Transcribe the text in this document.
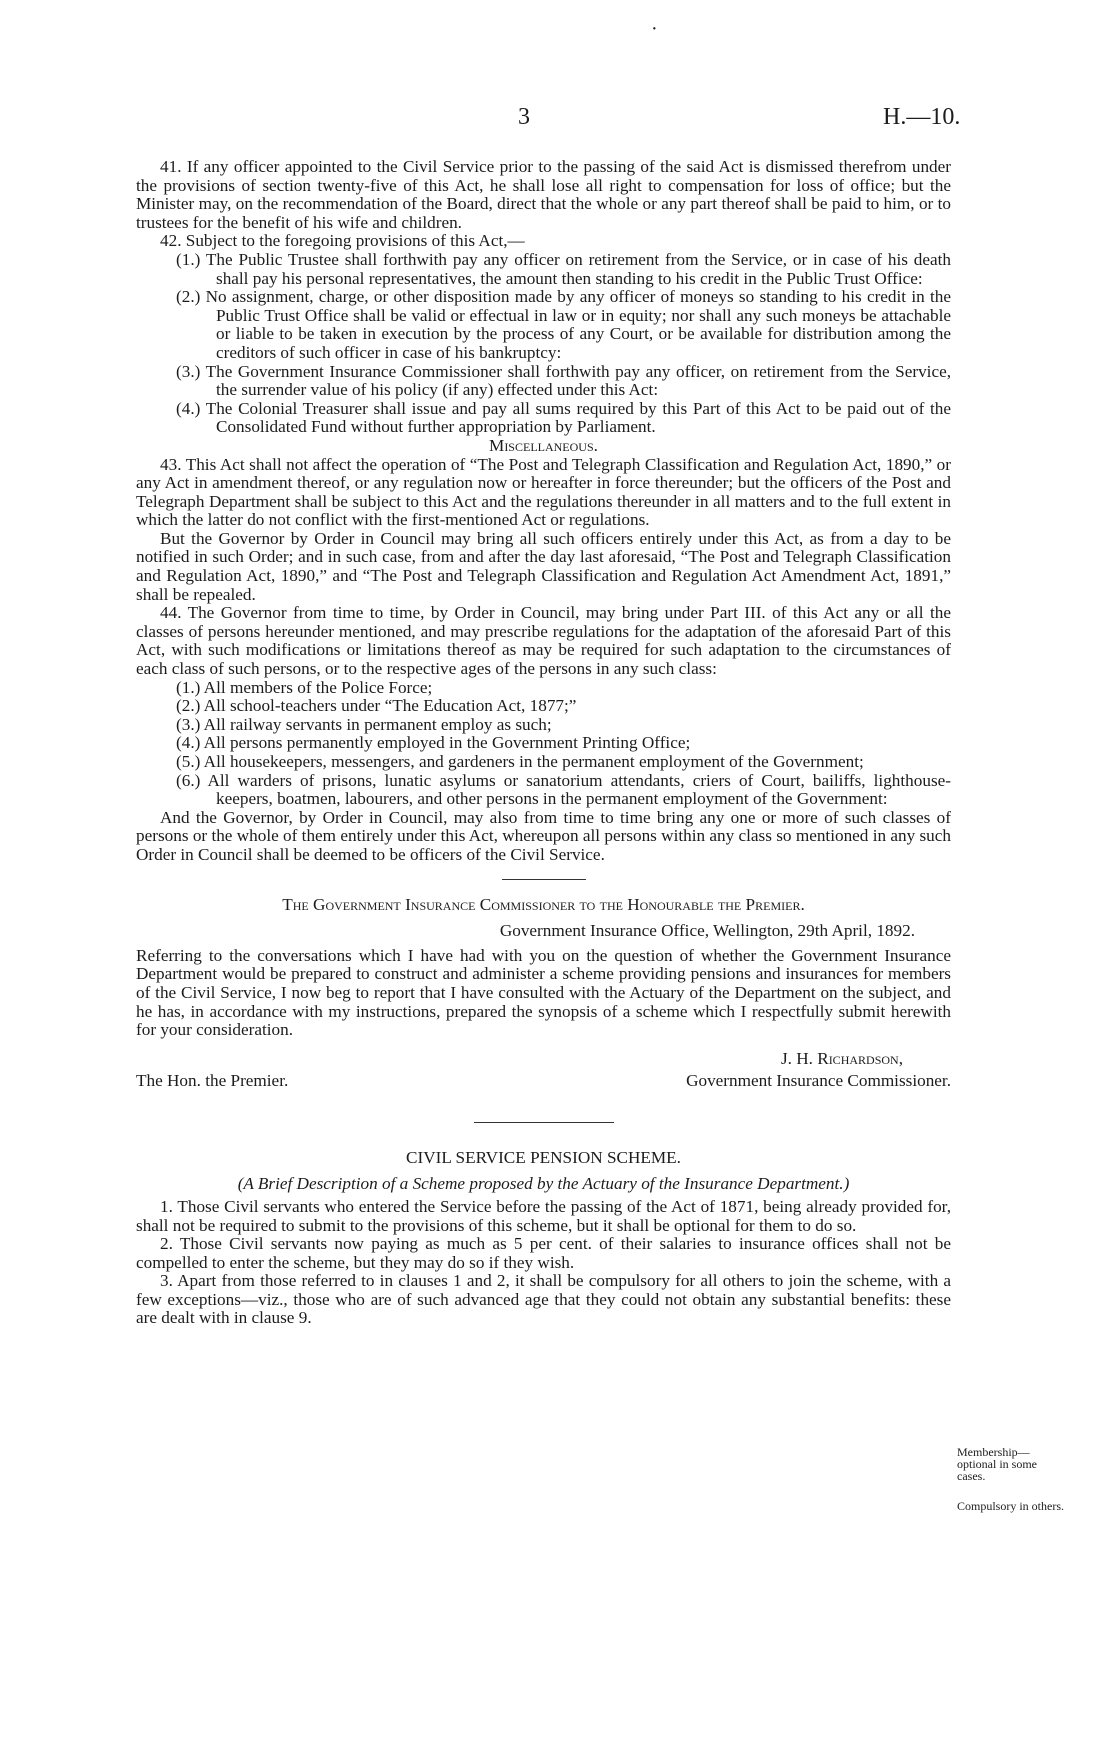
3	H.—10.
·

41. If any officer appointed to the Civil Service prior to the passing of the said Act is dismissed therefrom under the provisions of section twenty-five of this Act, he shall lose all right to compensation for loss of office; but the Minister may, on the recommendation of the Board, direct that the whole or any part thereof shall be paid to him, or to trustees for the benefit of his wife and children.

42. Subject to the foregoing provisions of this Act,—

(1.) The Public Trustee shall forthwith pay any officer on retirement from the Service, or in case of his death shall pay his personal representatives, the amount then standing to his credit in the Public Trust Office:

(2.) No assignment, charge, or other disposition made by any officer of moneys so standing to his credit in the Public Trust Office shall be valid or effectual in law or in equity; nor shall any such moneys be attachable or liable to be taken in execution by the process of any Court, or be available for distribution among the creditors of such officer in case of his bankruptcy:

(3.) The Government Insurance Commissioner shall forthwith pay any officer, on retirement from the Service, the surrender value of his policy (if any) effected under this Act:

(4.) The Colonial Treasurer shall issue and pay all sums required by this Part of this Act to be paid out of the Consolidated Fund without further appropriation by Parliament.

Miscellaneous.

43. This Act shall not affect the operation of “The Post and Telegraph Classification and Regulation Act, 1890,” or any Act in amendment thereof, or any regulation now or hereafter in force thereunder; but the officers of the Post and Telegraph Department shall be subject to this Act and the regulations thereunder in all matters and to the full extent in which the latter do not conflict with the first-mentioned Act or regulations.

But the Governor by Order in Council may bring all such officers entirely under this Act, as from a day to be notified in such Order; and in such case, from and after the day last aforesaid, “The Post and Telegraph Classification and Regulation Act, 1890,” and “The Post and Telegraph Classification and Regulation Act Amendment Act, 1891,” shall be repealed.

44. The Governor from time to time, by Order in Council, may bring under Part III. of this Act any or all the classes of persons hereunder mentioned, and may prescribe regulations for the adaptation of the aforesaid Part of this Act, with such modifications or limitations thereof as may be required for such adaptation to the circumstances of each class of such persons, or to the respective ages of the persons in any such class:

(1.) All members of the Police Force;

(2.) All school-teachers under “The Education Act, 1877;”

(3.) All railway servants in permanent employ as such;

(4.) All persons permanently employed in the Government Printing Office;

(5.) All housekeepers, messengers, and gardeners in the permanent employment of the Government;

(6.) All warders of prisons, lunatic asylums or sanatorium attendants, criers of Court, bailiffs, lighthouse-keepers, boatmen, labourers, and other persons in the permanent employment of the Government:

And the Governor, by Order in Council, may also from time to time bring any one or more of such classes of persons or the whole of them entirely under this Act, whereupon all persons within any class so mentioned in any such Order in Council shall be deemed to be officers of the Civil Service.

The Government Insurance Commissioner to the Honourable the Premier.

Government Insurance Office, Wellington, 29th April, 1892.

Referring to the conversations which I have had with you on the question of whether the Government Insurance Department would be prepared to construct and administer a scheme providing pensions and insurances for members of the Civil Service, I now beg to report that I have consulted with the Actuary of the Department on the subject, and he has, in accordance with my instructions, prepared the synopsis of a scheme which I respectfully submit herewith for your consideration.

J. H. Richardson,
Government Insurance Commissioner.
The Hon. the Premier.

CIVIL SERVICE PENSION SCHEME.

(A Brief Description of a Scheme proposed by the Actuary of the Insurance Department.)

1. Those Civil servants who entered the Service before the passing of the Act of 1871, being already provided for, shall not be required to submit to the provisions of this scheme, but it shall be optional for them to do so.

2. Those Civil servants now paying as much as 5 per cent. of their salaries to insurance offices shall not be compelled to enter the scheme, but they may do so if they wish.

3. Apart from those referred to in clauses 1 and 2, it shall be compulsory for all others to join the scheme, with a few exceptions—viz., those who are of such advanced age that they could not obtain any substantial benefits: these are dealt with in clause 9.

Membership—optional in some cases.
Compulsory in others.
